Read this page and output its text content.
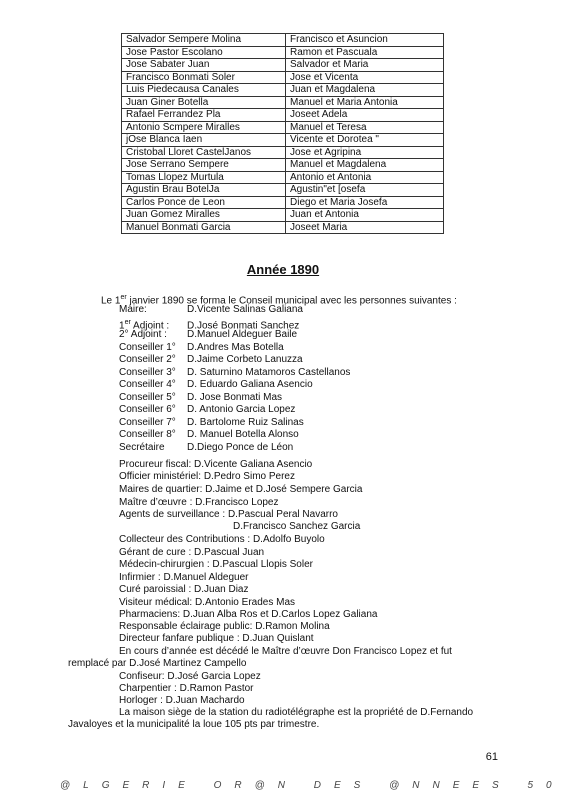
Salvador Sempere Molina	Francisco et Asuncion
Jose Pastor Escolano	Ramon et Pascuala
Jose Sabater Juan	Salvador et Maria
Francisco Bonmati Soler	Jose et Vicenta
Luis Piedecausa Canales	Juan et Magdalena
Juan Giner Botella	Manuel et Maria Antonia
Rafael Ferrandez Pla	Joseet Adela
Antonio Scmpere Miralles	Manuel et Teresa
jOse Blanca Iaen	Vicente et Dorotea "
Cristobal Lloret CastelJanos	Jose et Agripina
Jose Serrano Sempere	Manuel et Magdalena
Tomas Llopez Murtula	Antonio et Antonia
Agustin Brau BotelJa	Agustin"et [osefa
Carlos Ponce de Leon	Diego et Maria Josefa
Juan Gomez Miralles	Juan et Antonia
Manuel Bonmati Garcia	Joseet Maria
Année 1890
Le 1er janvier 1890 se forma le Conseil municipal avec les personnes suivantes :
Maire:	D.Vicente Salinas Galiana
1er Adjoint : D.José Bonmati Sanchez
2° Adjoint : D.Manuel Aldeguer Baile
Conseiller 1° D.Andres Mas Botella
Conseiller 2° D.Jaime Corbeto Lanuzza
Conseiller 3° D. Saturnino Matamoros Castellanos
Conseiller 4° D. Eduardo Galiana Asencio
Conseiller 5° D. Jose Bonmati Mas
Conseiller 6° D. Antonio Garcia Lopez
Conseiller 7° D. Bartolome Ruiz Salinas
Conseiller 8° D. Manuel Botella Alonso
Secrétaire D.Diego Ponce de Léon
Procureur fiscal: D.Vicente Galiana Asencio
Officier ministériel: D.Pedro Simo Perez
Maires de quartier: D.Jaime et D.José Sempere Garcia
Maître d’œuvre : D.Francisco Lopez
Agents de surveillance : D.Pascual Peral Navarro
D.Francisco Sanchez Garcia
Collecteur des Contributions : D.Adolfo Buyolo
Gérant de cure : D.Pascual Juan
Médecin-chirurgien : D.Pascual Llopis Soler
Infirmier : D.Manuel Aldeguer
Curé paroissial : D.Juan Diaz
Visiteur médical: D.Antonio Erades Mas
Pharmaciens: D.Juan Alba Ros et D.Carlos Lopez Galiana
Responsable éclairage public: D.Ramon Molina
Directeur fanfare publique : D.Juan Quislant
En cours d’année est décédé le Maître d’œuvre Don Francisco Lopez et fut
remplacé par D.José Martinez Campello
Confiseur: D.José Garcia Lopez
Charpentier : D.Ramon Pastor
Horloger : D.Juan Machardo
La maison siège de la station du radiotélégraphe est la propriété de D.Fernando
Javaloyes et la municipalité la loue 105 pts par trimestre.
61
@LGERIE OR@N DES @NNEES 50
